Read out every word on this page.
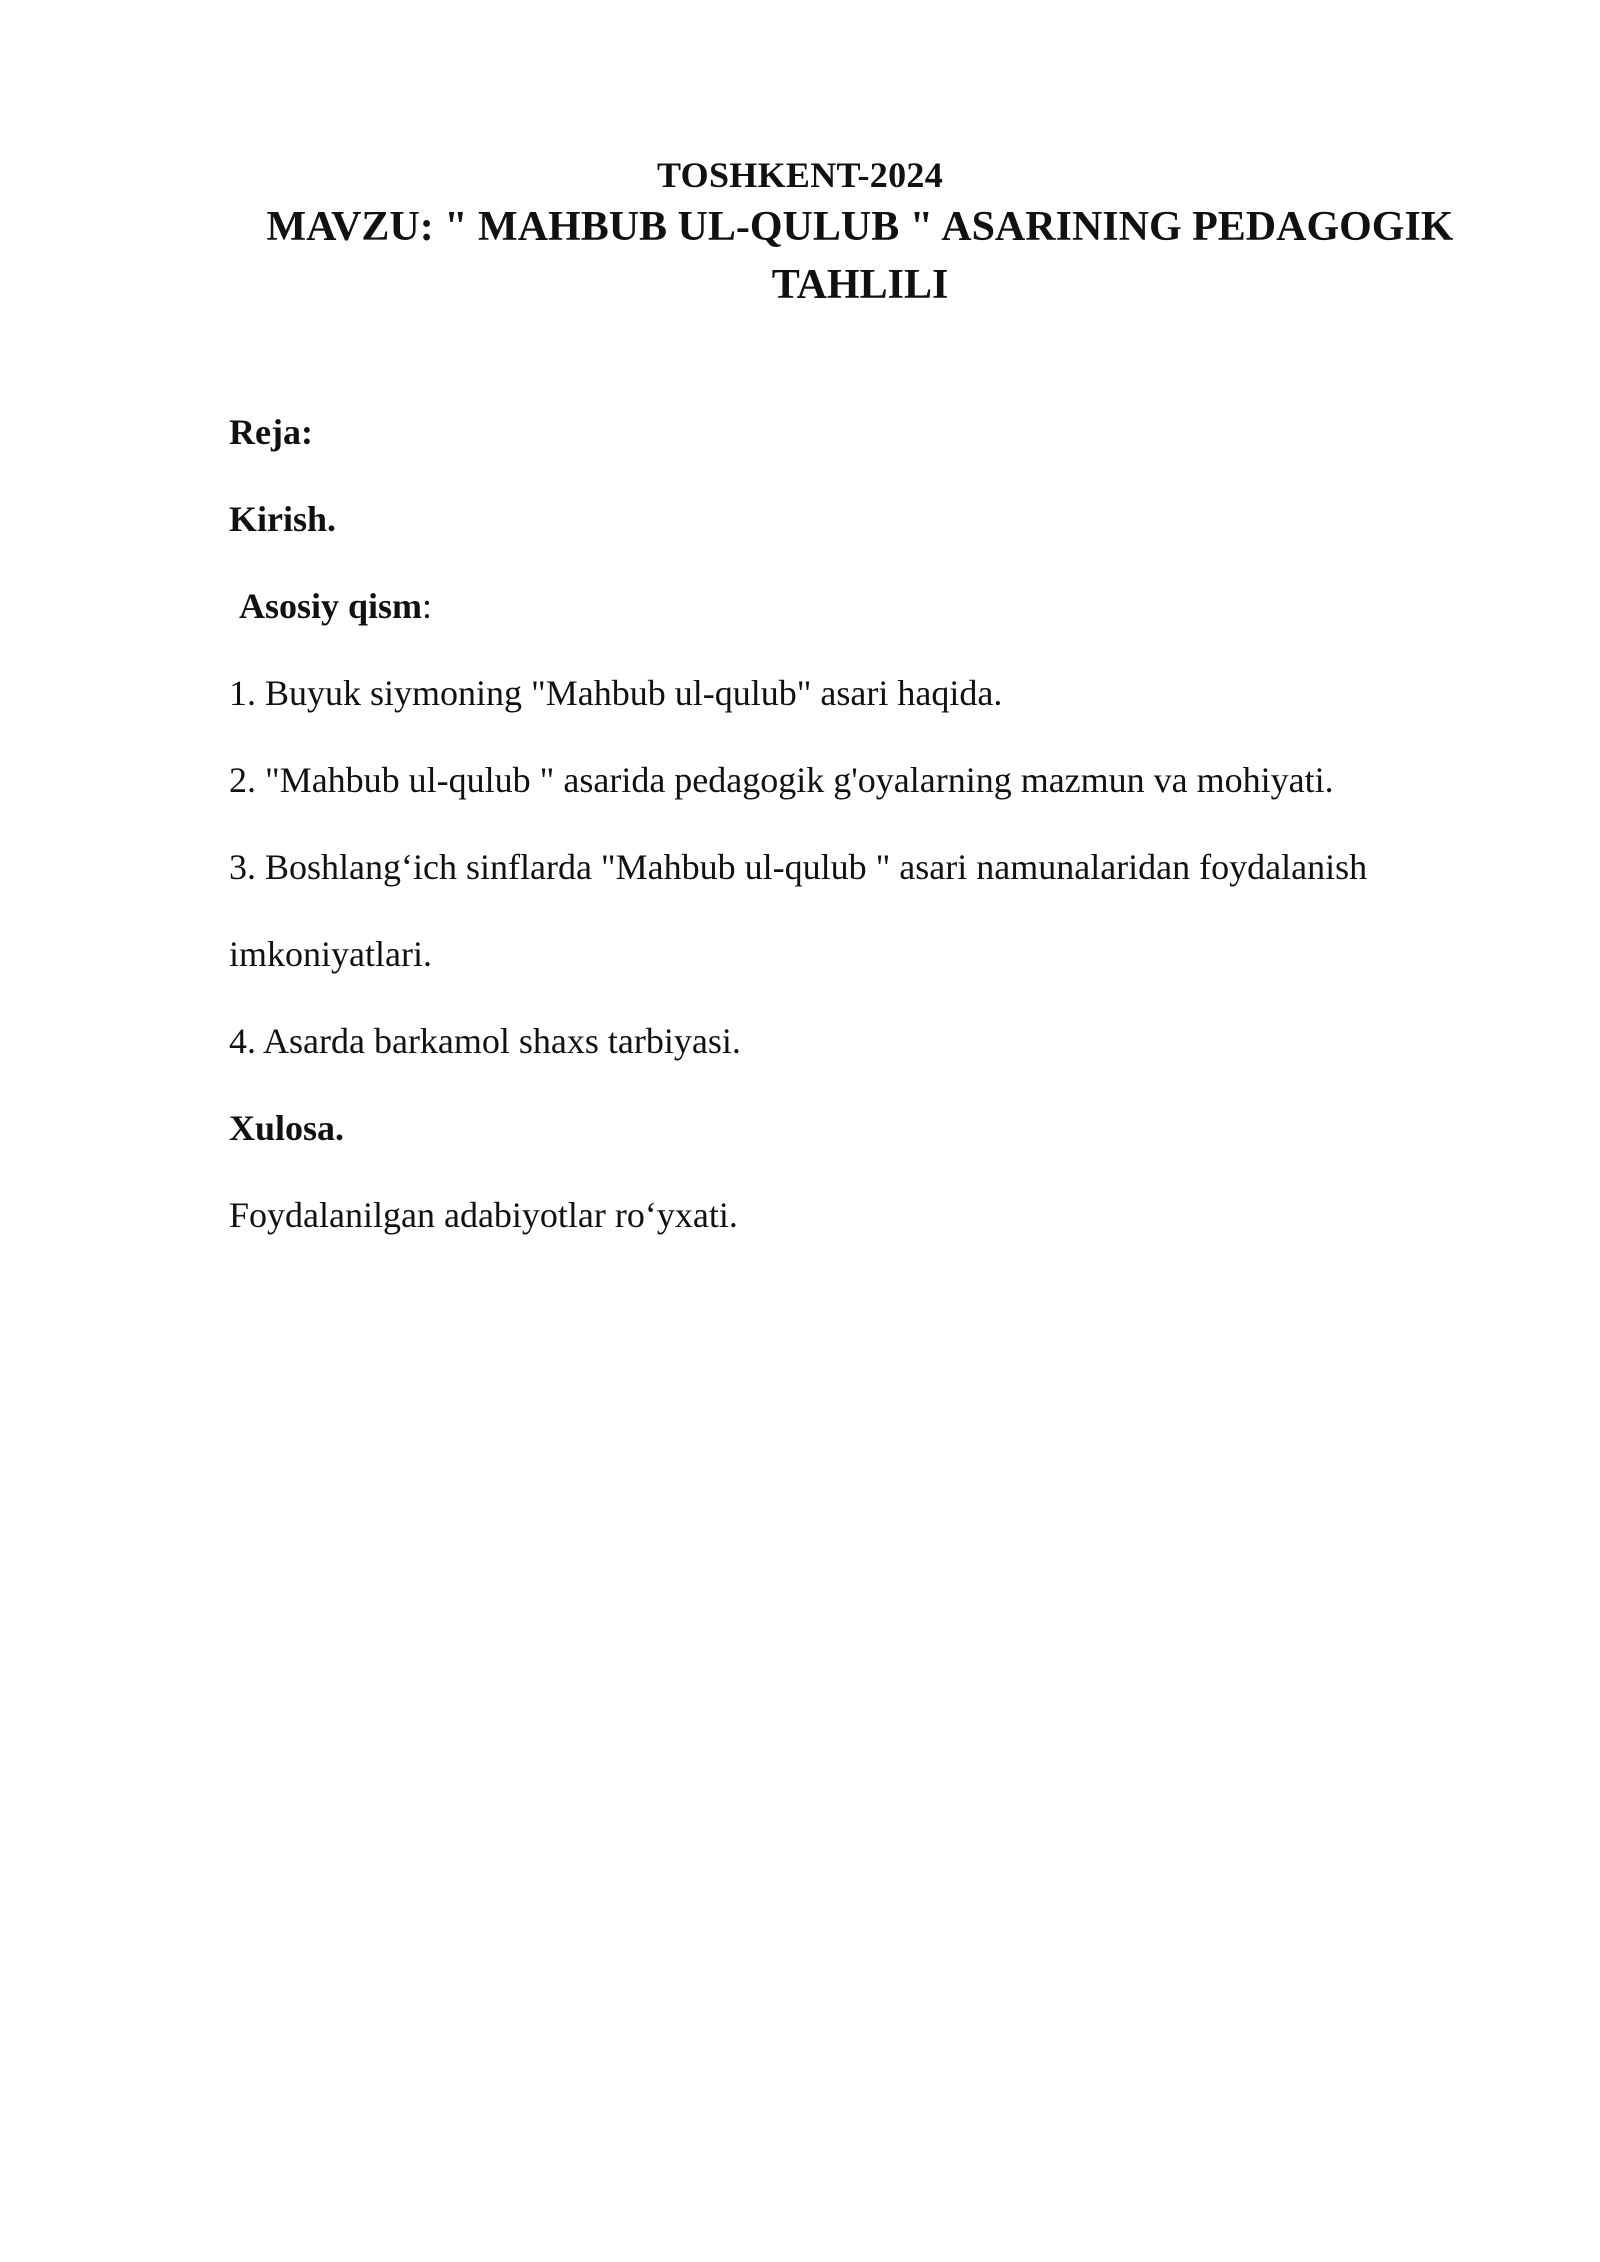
TOSHKENT-2024
MAVZU: " MAHBUB UL-QULUB " ASARINING PEDAGOGIK TAHLILI
Reja:
Kirish.
Asosiy qism:
1. Buyuk siymoning "Mahbub ul-qulub" asari haqida.
2. "Mahbub ul-qulub " asarida pedagogik g'oyalarning mazmun va mohiyati.
3. Boshlang‘ich sinflarda "Mahbub ul-qulub " asari namunalaridan foydalanish
imkoniyatlari.
4. Asarda barkamol shaxs tarbiyasi.
Xulosa.
Foydalanilgan adabiyotlar ro‘yxati.
